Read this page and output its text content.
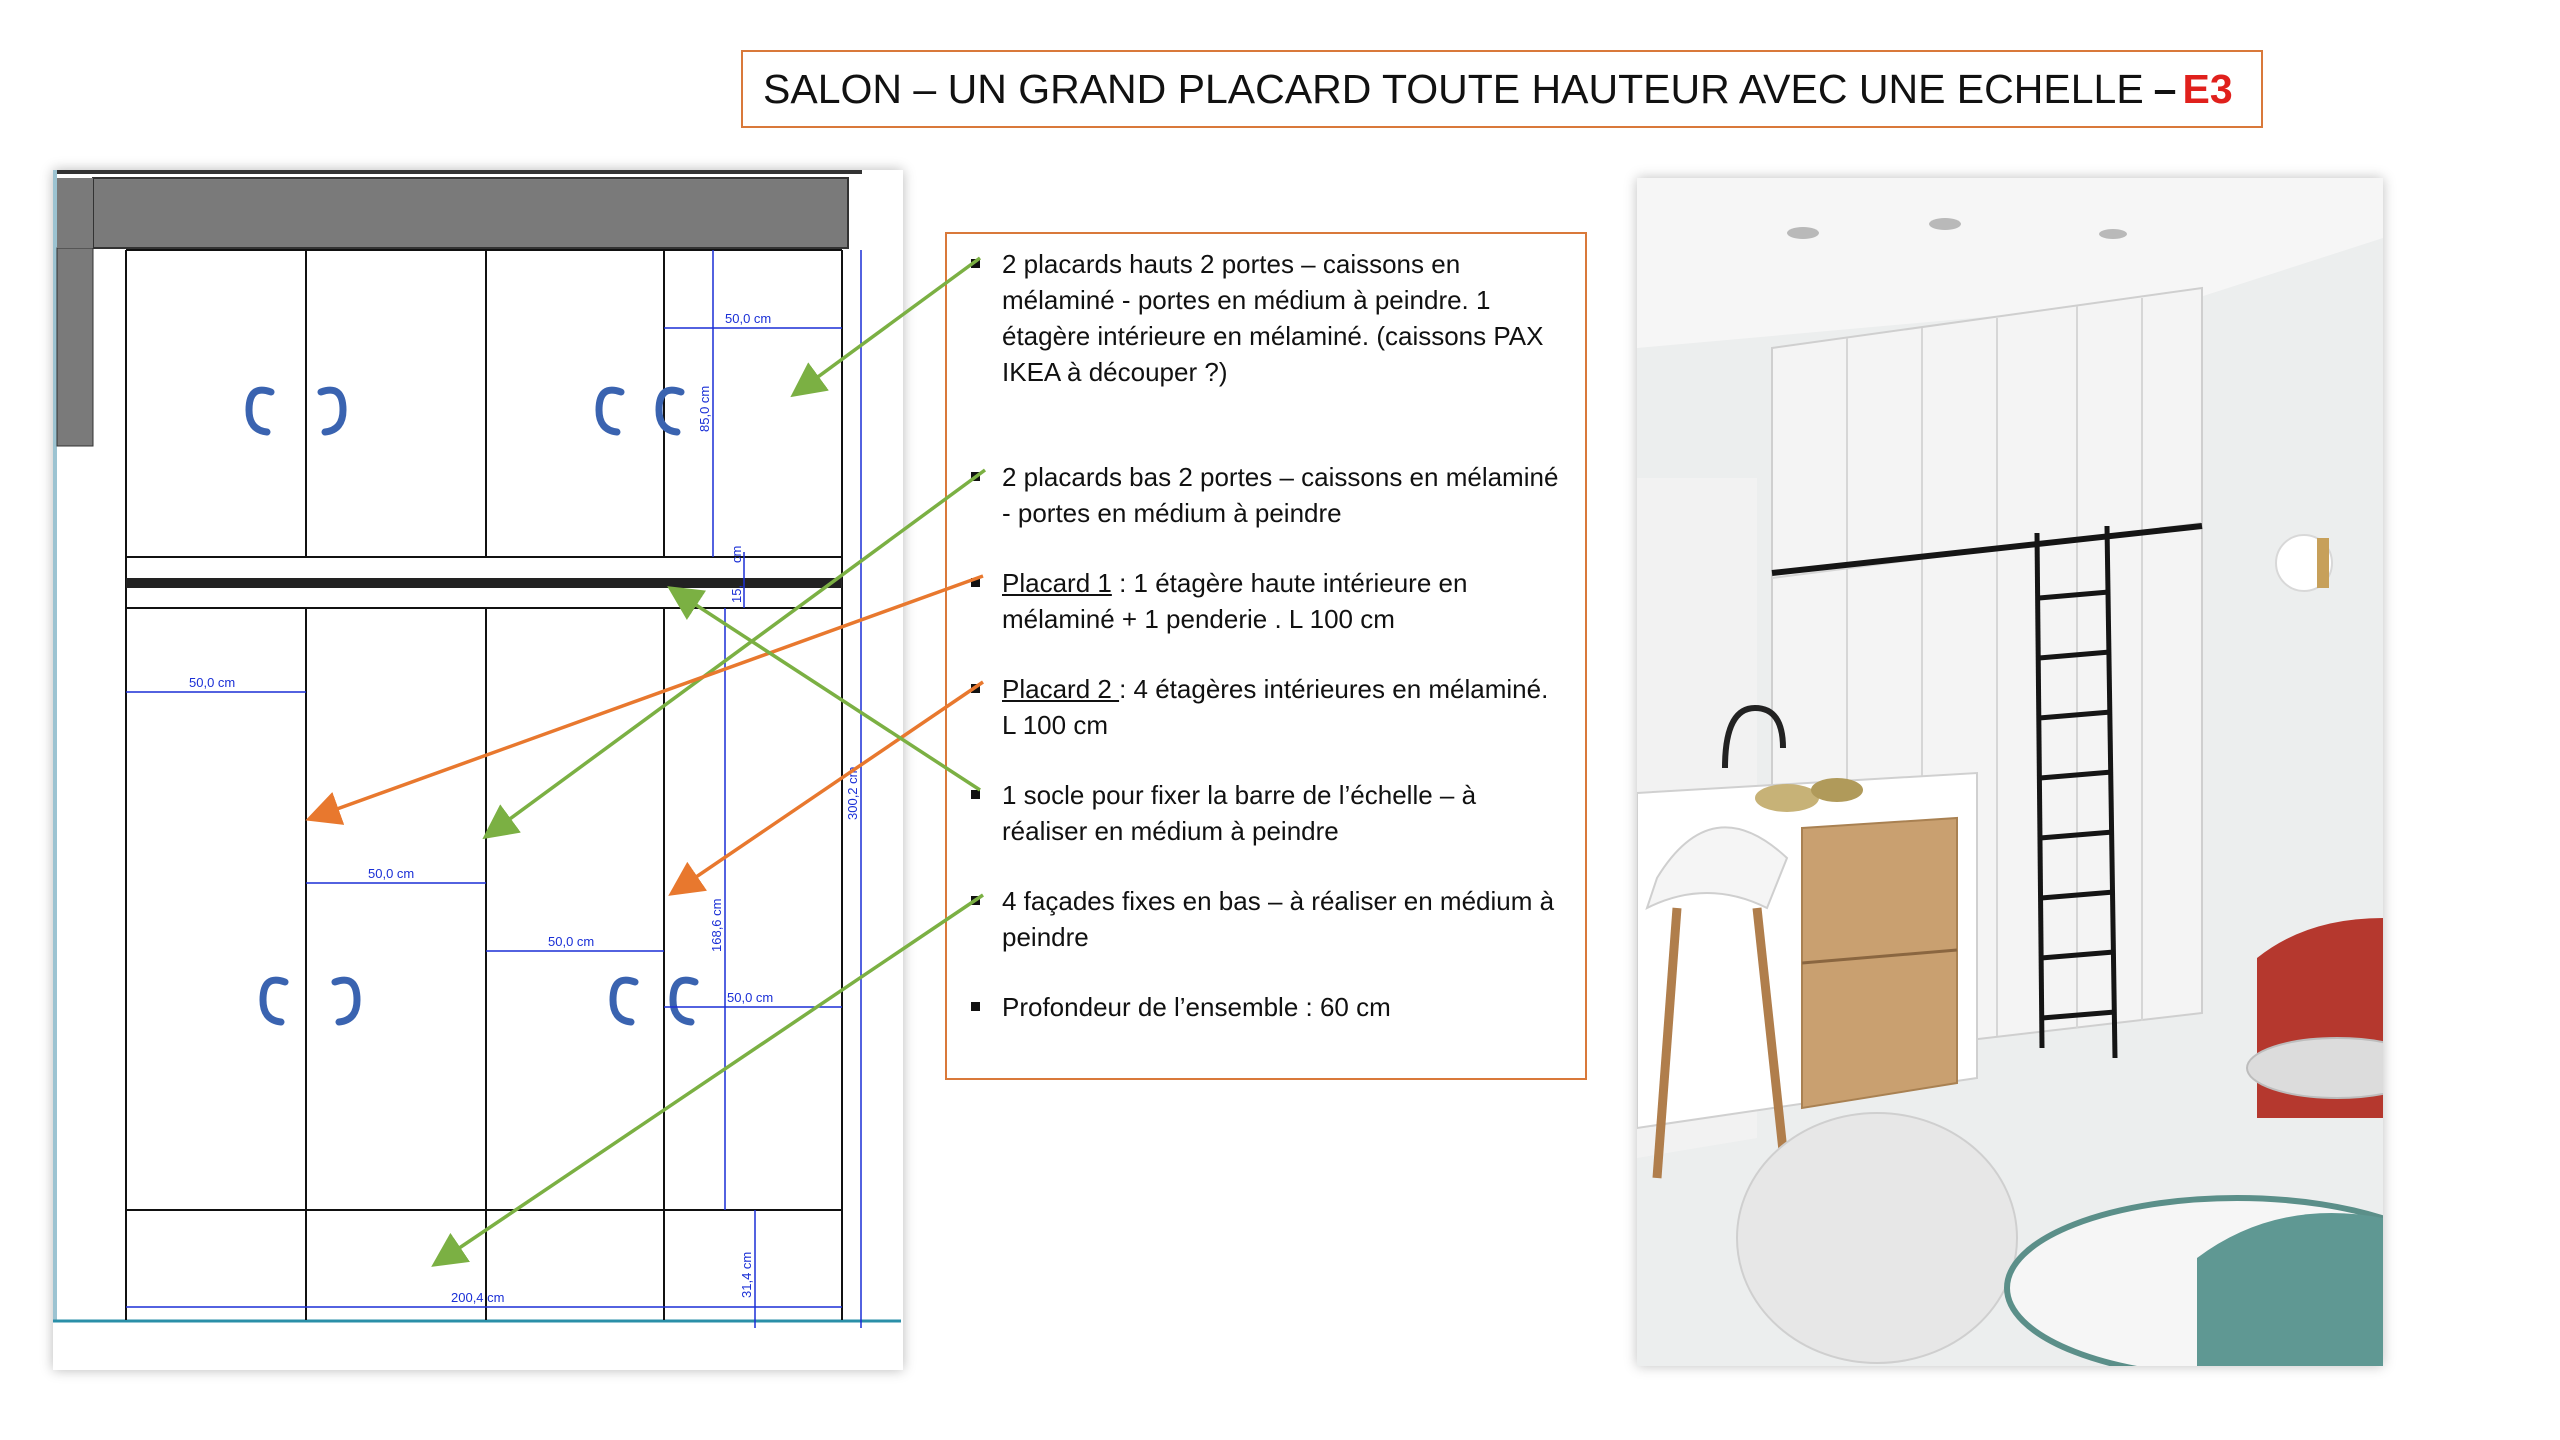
SALON – UN GRAND PLACARD TOUTE HAUTEUR AVEC UNE ECHELLE – E3
50,0 cm
85,0 cm
15,
cm
50,0 cm
50,0 cm
50,0 cm
50,0 cm
168,6 cm
300,2 cm
31,4 cm
200,4 cm
2 placards hauts 2 portes – caissons en mélaminé - portes en médium à peindre. 1 étagère intérieure en mélaminé. (caissons PAX IKEA à découper ?)
2 placards bas 2 portes – caissons en mélaminé - portes en médium à peindre
Placard 1 : 1 étagère haute intérieure en mélaminé + 1 penderie . L 100 cm
Placard 2 : 4 étagères intérieures en mélaminé. L 100 cm
1 socle pour fixer la barre de l’échelle – à réaliser en médium à peindre
4 façades fixes en bas – à réaliser en médium à peindre
Profondeur de l’ensemble : 60 cm
